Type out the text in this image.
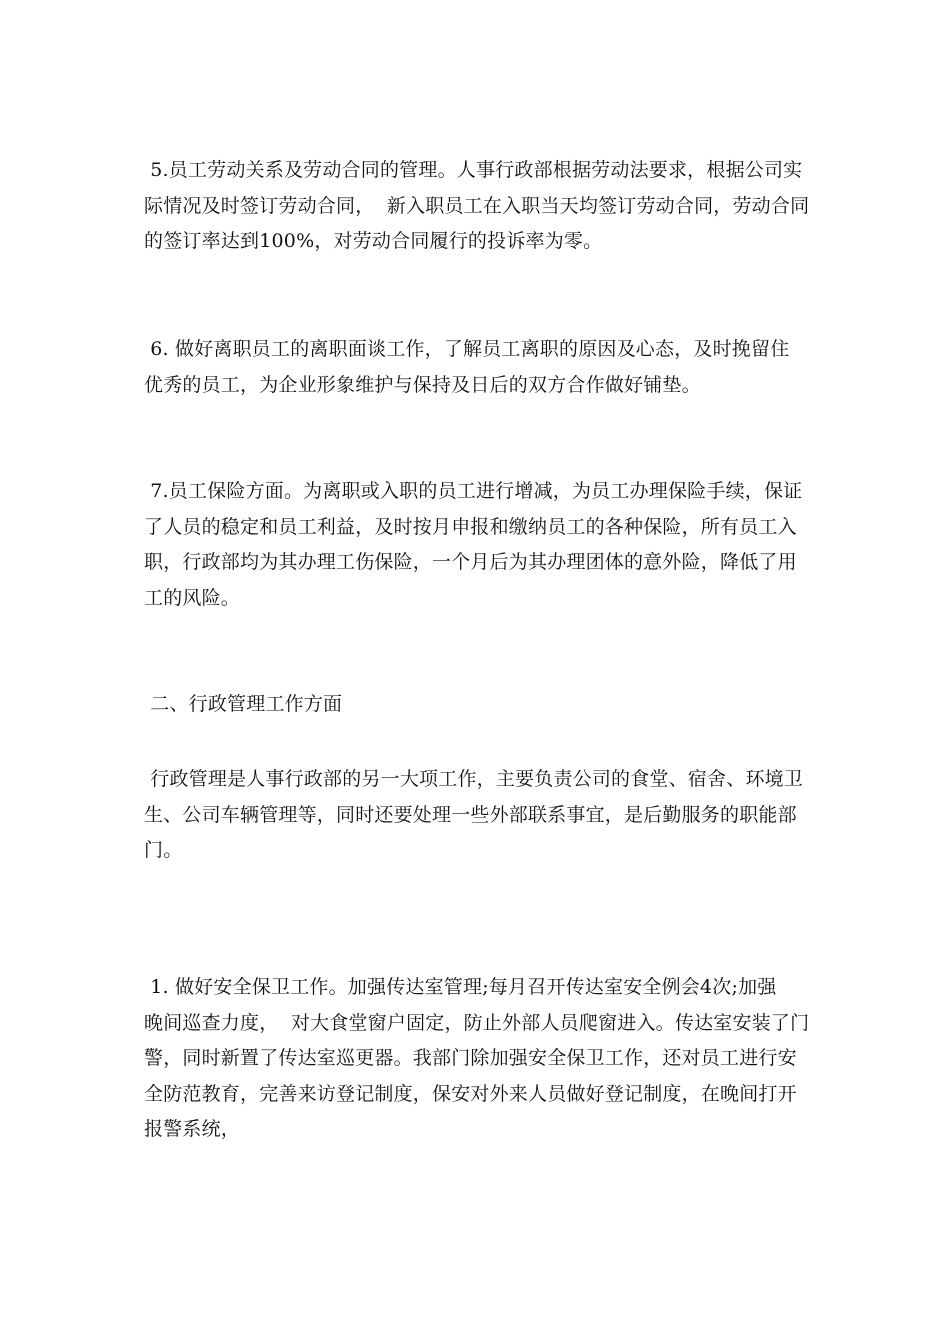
5.员工劳动关系及劳动合同的管理。人事行政部根据劳动法要求，根据公司实
际情况及时签订劳动合同，  新入职员工在入职当天均签订劳动合同，劳动合同
的签订率达到100%，对劳动合同履行的投诉率为零。
6. 做好离职员工的离职面谈工作，了解员工离职的原因及心态，及时挽留住
优秀的员工，为企业形象维护与保持及日后的双方合作做好铺垫。
7.员工保险方面。为离职或入职的员工进行增减，为员工办理保险手续，保证
了人员的稳定和员工利益，及时按月申报和缴纳员工的各种保险，所有员工入
职，行政部均为其办理工伤保险，一个月后为其办理团体的意外险，降低了用
工的风险。
二、行政管理工作方面
行政管理是人事行政部的另一大项工作，主要负责公司的食堂、宿舍、环境卫
生、公司车辆管理等，同时还要处理一些外部联系事宜，是后勤服务的职能部
门。
1. 做好安全保卫工作。加强传达室管理;每月召开传达室安全例会4次;加强
晚间巡查力度，  对大食堂窗户固定，防止外部人员爬窗进入。传达室安装了门
警，同时新置了传达室巡更器。我部门除加强安全保卫工作，还对员工进行安
全防范教育，完善来访登记制度，保安对外来人员做好登记制度，在晚间打开
报警系统，
